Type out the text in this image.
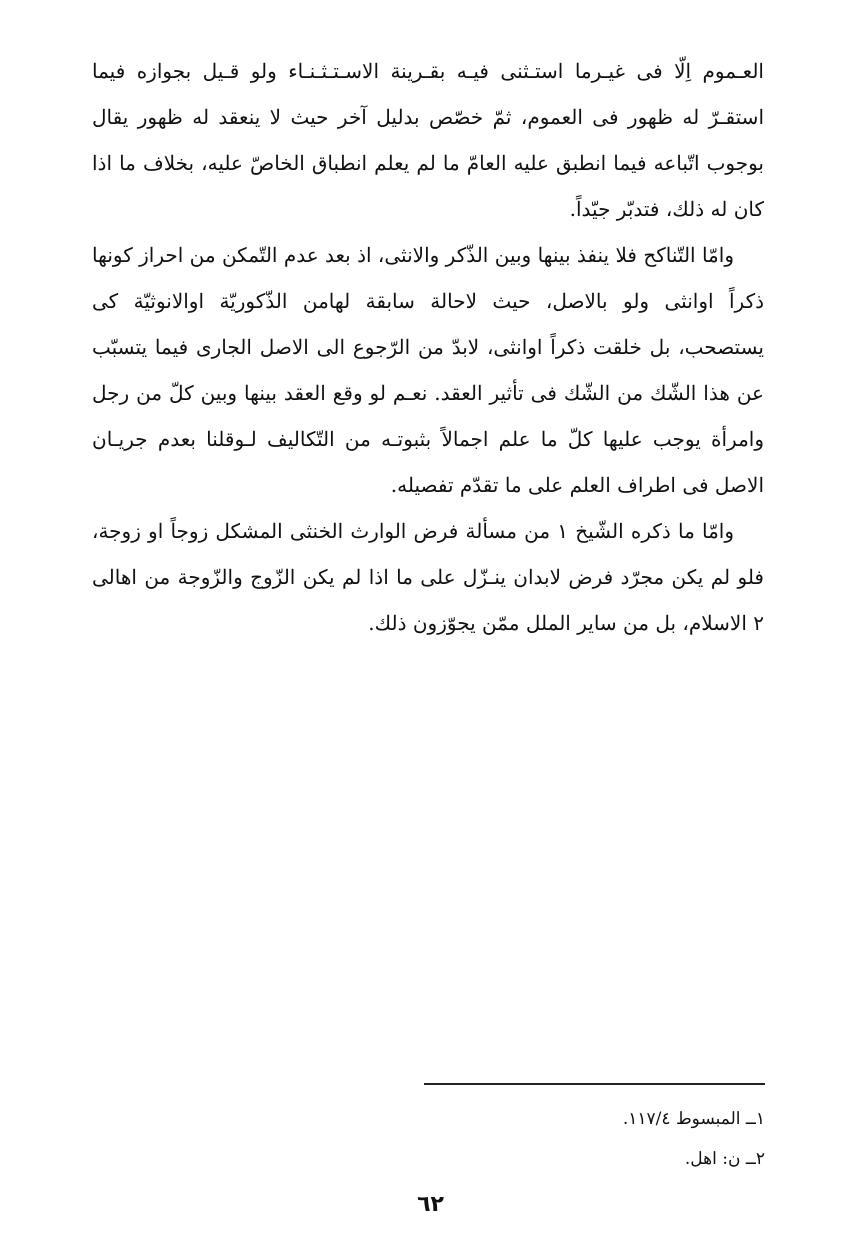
العـموم اِلّا فى غيـرما استـثنى فيـه بقـرينة الاسـتـثـنـاء ولو قـيل بجوازه فيما استقـرّ له ظهور فى العموم، ثمّ خصّص بدليل آخر حيث لا ينعقد له ظهور يقال بوجوب اتّباعه فيما انطبق عليه العامّ ما لم يعلم انطباق الخاصّ عليه، بخلاف ما اذا كان له ذلك، فتدبّر جيّداً.

وامّا التّناكح فلا ينفذ بينها وبين الذّكر والانثى، اذ بعد عدم التّمكن من احراز كونها ذكراً اوانثى ولو بالاصل، حيث لاحالة سابقة لهامن الذّكوريّة اوالانوثيّة كى يستصحب، بل خلقت ذكراً اوانثى، لابدّ من الرّجوع الى الاصل الجارى فيما يتسبّب عن هذا الشّك من الشّك فى تأثير العقد. نعـم لو وقع العقد بينها وبين كلّ من رجل وامرأة يوجب عليها كلّ ما علم اجمالاً بثبوتـه من التّكاليف لـوقلنا بعدم جريـان الاصل فى اطراف العلم على ما تقدّم تفصيله.

وامّا ما ذكره الشّيخ ١ من مسألة فرض الوارث الخنثى المشكل زوجاً او زوجة، فلو لم يكن مجرّد فرض لابدان ينـزّل على ما اذا لم يكن الزّوج والزّوجة من اهالى ٢ الاسلام، بل من ساير الملل ممّن يجوّزون ذلك.

١ــ المبسوط ١١٧/٤.

٢ــ ن: اهل.

٦٢
